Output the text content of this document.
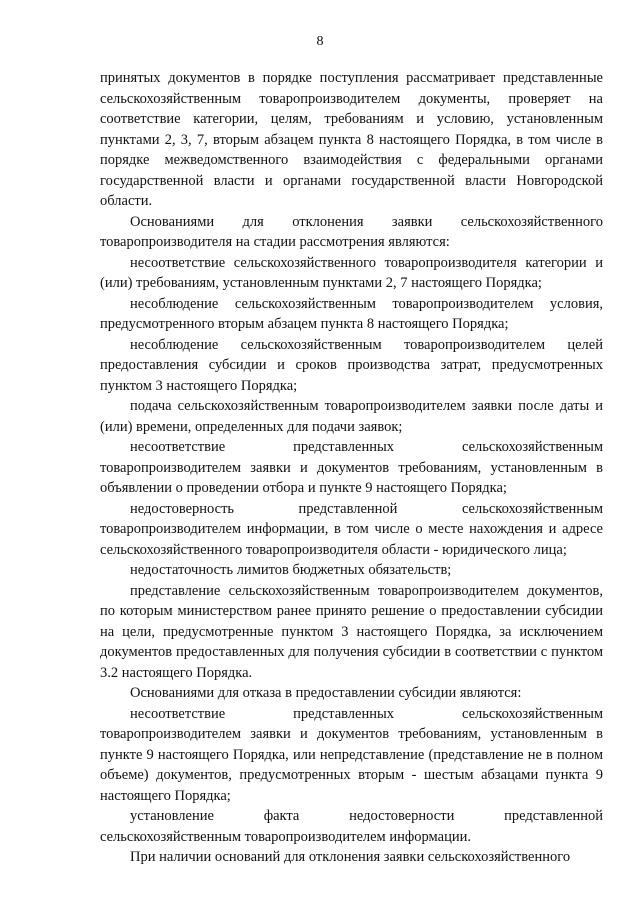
8

принятых документов в порядке поступления рассматривает представленные сельскохозяйственным товаропроизводителем документы, проверяет на соответствие категории, целям, требованиям и условию, установленным пунктами 2, 3, 7, вторым абзацем пункта 8 настоящего Порядка, в том числе в порядке межведомственного взаимодействия с федеральными органами государственной власти и органами государственной власти Новгородской области.

Основаниями для отклонения заявки сельскохозяйственного товаропроизводителя на стадии рассмотрения являются:

несоответствие сельскохозяйственного товаропроизводителя категории и (или) требованиям, установленным пунктами 2, 7 настоящего Порядка;

несоблюдение сельскохозяйственным товаропроизводителем условия, предусмотренного вторым абзацем пункта 8 настоящего Порядка;

несоблюдение сельскохозяйственным товаропроизводителем целей предоставления субсидии и сроков производства затрат, предусмотренных пунктом 3 настоящего Порядка;

подача сельскохозяйственным товаропроизводителем заявки после даты и (или) времени, определенных для подачи заявок;

несоответствие представленных сельскохозяйственным товаропроизводителем заявки и документов требованиям, установленным в объявлении о проведении отбора и пункте 9 настоящего Порядка;

недостоверность представленной сельскохозяйственным товаропроизводителем информации, в том числе о месте нахождения и адресе сельскохозяйственного товаропроизводителя области - юридического лица;

недостаточность лимитов бюджетных обязательств;

представление сельскохозяйственным товаропроизводителем документов, по которым министерством ранее принято решение о предоставлении субсидии на цели, предусмотренные пунктом 3 настоящего Порядка, за исключением документов предоставленных для получения субсидии в соответствии с пунктом 3.2 настоящего Порядка.

Основаниями для отказа в предоставлении субсидии являются:

несоответствие представленных сельскохозяйственным товаропроизводителем заявки и документов требованиям, установленным в пункте 9 настоящего Порядка, или непредставление (представление не в полном объеме) документов, предусмотренных вторым - шестым абзацами пункта 9 настоящего Порядка;

установление факта недостоверности представленной сельскохозяйственным товаропроизводителем информации.

При наличии оснований для отклонения заявки сельскохозяйственного
